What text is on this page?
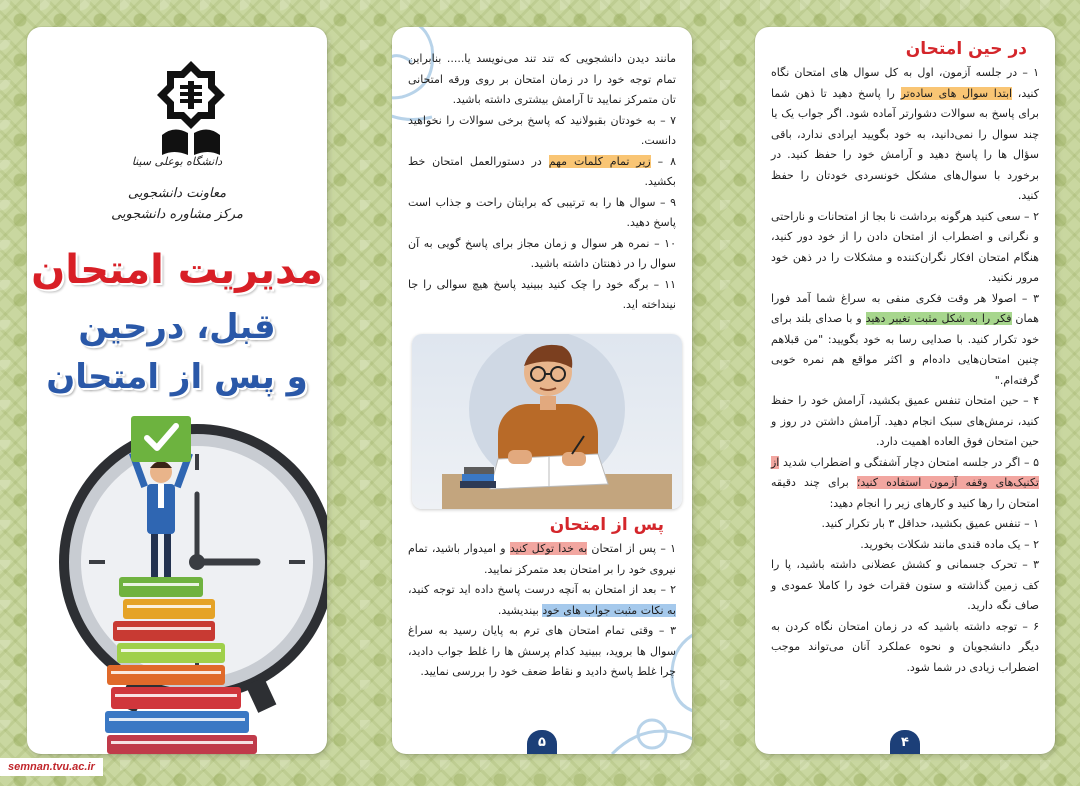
دانشگاه بوعلی سینا
معاونت دانشجویی
مرکز مشاوره دانشجویی
مدیریت امتحان
قبل، درحین
و پس از امتحان

مانند دیدن دانشجویی که تند تند می‌نویسد یا..... بنابراین تمام توجه خود را در زمان امتحان بر روی ورقه امتحانی تان متمرکز نمایید تا آرامش بیشتری داشته باشید.

۷ – به خودتان بقبولانید که پاسخ برخی سوالات را نخواهید دانست.

۸ – زیر تمام کلمات مهم در دستورالعمل امتحان خط بکشید.

۹ – سوال ها را به ترتیبی که برایتان راحت و جذاب است پاسخ دهید.

۱۰ – نمره هر سوال و زمان مجاز برای پاسخ گویی به آن سوال را در ذهنتان داشته باشید.

۱۱ – برگه خود را چک کنید ببینید پاسخ هیچ سوالی را جا نینداخته اید.

پس از امتحان

۱ – پس از امتحان به خدا توکل کنید و امیدوار باشید، تمام نیروی خود را بر امتحان بعد متمرکز نمایید.

۲ – بعد از امتحان به آنچه درست پاسخ داده اید توجه کنید، به نکات مثبت جواب های خود بیندیشید.

۳ – وقتی تمام امتحان های ترم به پایان رسید به سراغ سوال ها بروید، ببینید کدام پرسش ها را غلط جواب دادید، چرا غلط پاسخ دادید و نقاط ضعف خود را بررسی نمایید.

۵
در حین امتحان

۱ – در جلسه آزمون، اول به کل سوال های امتحان نگاه کنید، ابتدا سوال های ساده‌تر را پاسخ دهید تا ذهن شما برای پاسخ به سوالات دشوارتر آماده شود. اگر جواب یک یا چند سوال را نمی‌دانید، به خود بگویید ایرادی ندارد، باقی سؤال ها را پاسخ دهید و آرامش خود را حفظ کنید. در برخورد با سوال‌های مشکل خونسردی خودتان را حفظ کنید.

۲ – سعی کنید هرگونه برداشت نا بجا از امتحانات و ناراحتی و نگرانی و اضطراب از امتحان دادن را از خود دور کنید، هنگام امتحان افکار نگران‌کننده و مشکلات را در ذهن خود مرور نکنید.

۳ – اصولا هر وقت فکری منفی به سراغ شما آمد فورا همان فکر را به شکل مثبت تغییر دهید و با صدای بلند برای خود تکرار کنید. با صدایی رسا به خود بگویید: "من قبلاهم چنین امتحان‌هایی داده‌ام و اکثر مواقع هم نمره خوبی گرفته‌ام."

۴ – حین امتحان تنفس عمیق بکشید، آرامش خود را حفظ کنید، نرمش‌های سبک انجام دهید. آرامش داشتن در روز و حین امتحان فوق العاده اهمیت دارد.

۵ – اگر در جلسه امتحان دچار آشفتگی و اضطراب شدید از تکنیک‌های وقفه آزمون استفاده کنید؛ برای چند دقیقه امتحان را رها کنید و کارهای زیر را انجام دهید:

۱ – تنفس عمیق بکشید، حداقل ۳ بار تکرار کنید.

۲ – یک ماده قندی مانند شکلات بخورید.

۳ – تحرک جسمانی و کشش عضلانی داشته باشید، پا را کف زمین گذاشته و ستون فقرات خود را کاملا عمودی و صاف نگه دارید.

۶ – توجه داشته باشید که در زمان امتحان نگاه کردن به دیگر دانشجویان و نحوه عملکرد آنان می‌تواند موجب اضطراب زیادی در شما شود.

۴
semnan.tvu.ac.ir
